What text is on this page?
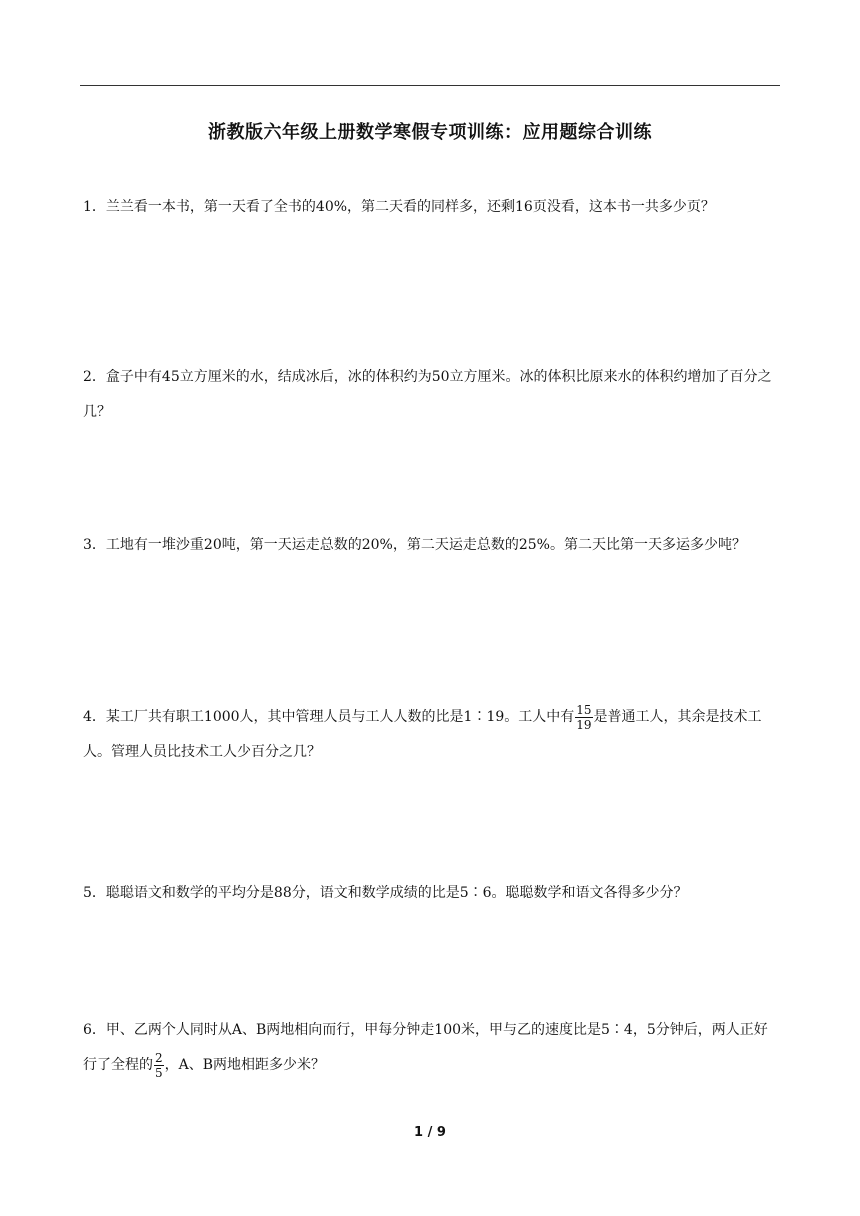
浙教版六年级上册数学寒假专项训练：应用题综合训练
1．兰兰看一本书，第一天看了全书的40%，第二天看的同样多，还剩16页没看，这本书一共多少页？
2．盒子中有45立方厘米的水，结成冰后，冰的体积约为50立方厘米。冰的体积比原来水的体积约增加了百分之几？
3．工地有一堆沙重20吨，第一天运走总数的20%，第二天运走总数的25%。第二天比第一天多运多少吨？
4．某工厂共有职工1000人，其中管理人员与工人人数的比是1∶19。工人中有 $\frac{15}{19}$ 是普通工人，其余是技术工人。管理人员比技术工人少百分之几？
5．聪聪语文和数学的平均分是88分，语文和数学成绩的比是5∶6。聪聪数学和语文各得多少分？
6．甲、乙两个人同时从A、B两地相向而行，甲每分钟走100米，甲与乙的速度比是5∶4，5分钟后，两人正好行了全程的 $\frac{2}{5}$ ，A、B两地相距多少米？
1 / 9
